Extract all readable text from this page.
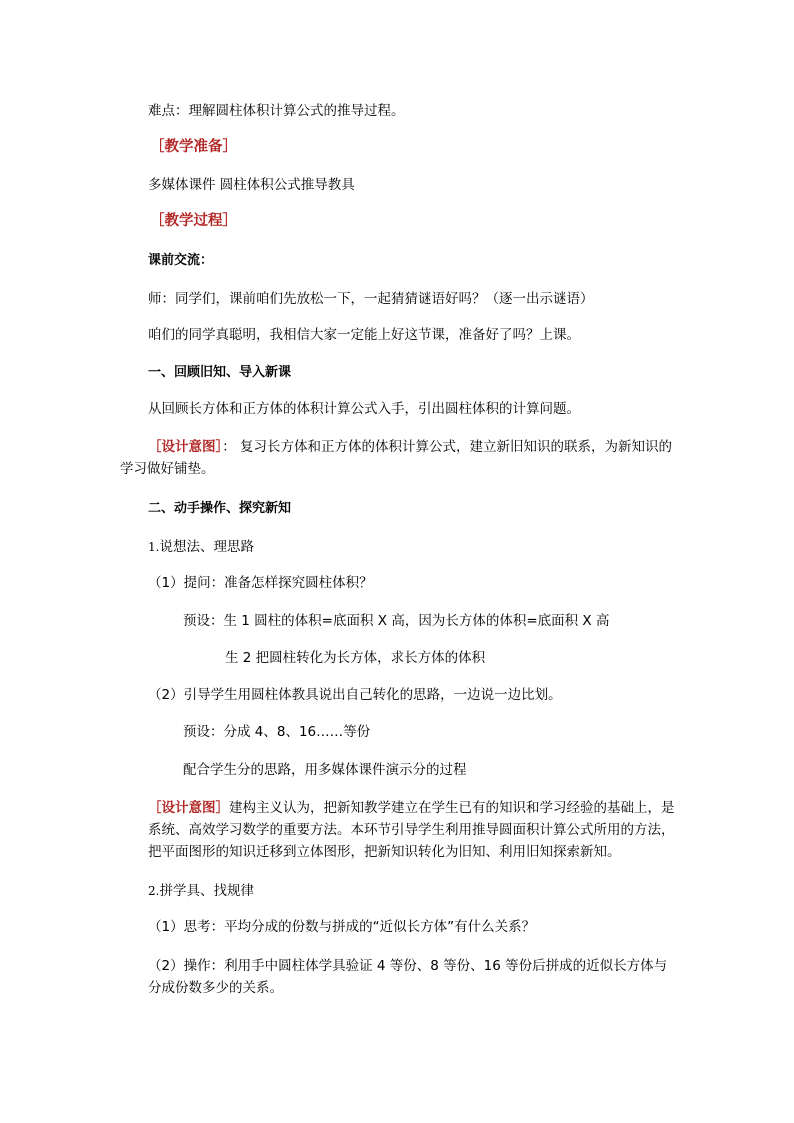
难点：理解圆柱体积计算公式的推导过程。
［教学准备］
多媒体课件 圆柱体积公式推导教具
［教学过程］
课前交流：
师：同学们，课前咱们先放松一下，一起猜猜谜语好吗？（逐一出示谜语）
咱们的同学真聪明，我相信大家一定能上好这节课，准备好了吗？上课。
一、回顾旧知、导入新课
从回顾长方体和正方体的体积计算公式入手，引出圆柱体积的计算问题。
［设计意图］： 复习长方体和正方体的体积计算公式，建立新旧知识的联系，为新知识的学习做好铺垫。
二、动手操作、探究新知
1.说想法、理思路
（1）提问：准备怎样探究圆柱体积？
预设：生 1 圆柱的体积=底面积 X 高，因为长方体的体积=底面积 X 高
生 2 把圆柱转化为长方体，求长方体的体积
（2）引导学生用圆柱体教具说出自己转化的思路，一边说一边比划。
预设：分成 4、8、16……等份
配合学生分的思路，用多媒体课件演示分的过程
［设计意图］建构主义认为，把新知教学建立在学生已有的知识和学习经验的基础上，是系统、高效学习数学的重要方法。本环节引导学生利用推导圆面积计算公式所用的方法，把平面图形的知识迁移到立体图形，把新知识转化为旧知、利用旧知探索新知。
2.拼学具、找规律
（1）思考：平均分成的份数与拼成的“近似长方体”有什么关系？
（2）操作：利用手中圆柱体学具验证 4 等份、8 等份、16 等份后拼成的近似长方体与分成份数多少的关系。
